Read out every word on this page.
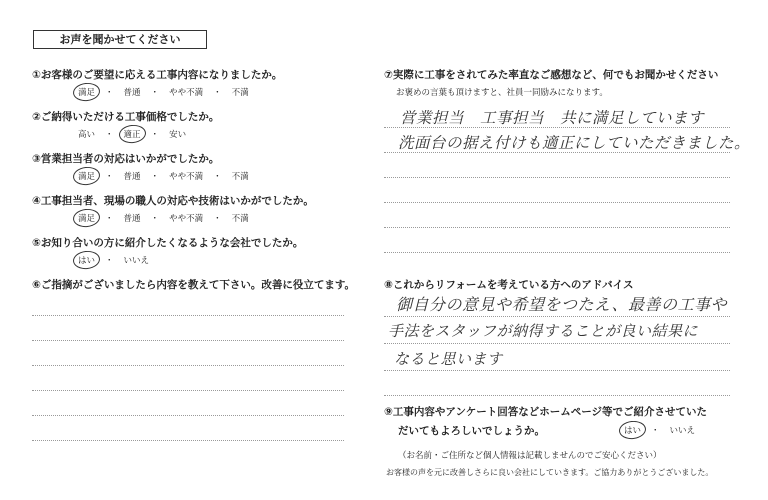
お声を聞かせてください
①お客様のご要望に応える工事内容になりましたか。
満足 ・ 普通 ・ やや不満 ・ 不満
②ご納得いただける工事価格でしたか。
高い ・ 適正 ・ 安い
③営業担当者の対応はいかがでしたか。
満足 ・ 普通 ・ やや不満 ・ 不満
④工事担当者、現場の職人の対応や技術はいかがでしたか。
満足 ・ 普通 ・ やや不満 ・ 不満
⑤お知り合いの方に紹介したくなるような会社でしたか。
はい ・ いいえ
⑥ご指摘がございましたら内容を教えて下さい。改善に役立てます。
⑦実際に工事をされてみた率直なご感想など、何でもお聞かせください
お褒めの言葉も頂けますと、社員一同励みになります。
営業担当　工事担当　共に満足しています
洗面台の据え付けも適正にしていただきました。
⑧これからリフォームを考えている方へのアドバイス
御自分の意見や希望をつたえ、最善の工事や
手法をスタッフが納得することが良い結果に
なると思います
⑨工事内容やアンケート回答などホームページ等でご紹介させていた
だいてもよろしいでしょうか。	はい ・ いいえ
（お名前・ご住所など個人情報は記載しませんのでご安心ください）
お客様の声を元に改善しさらに良い会社にしていきます。ご協力ありがとうございました。
